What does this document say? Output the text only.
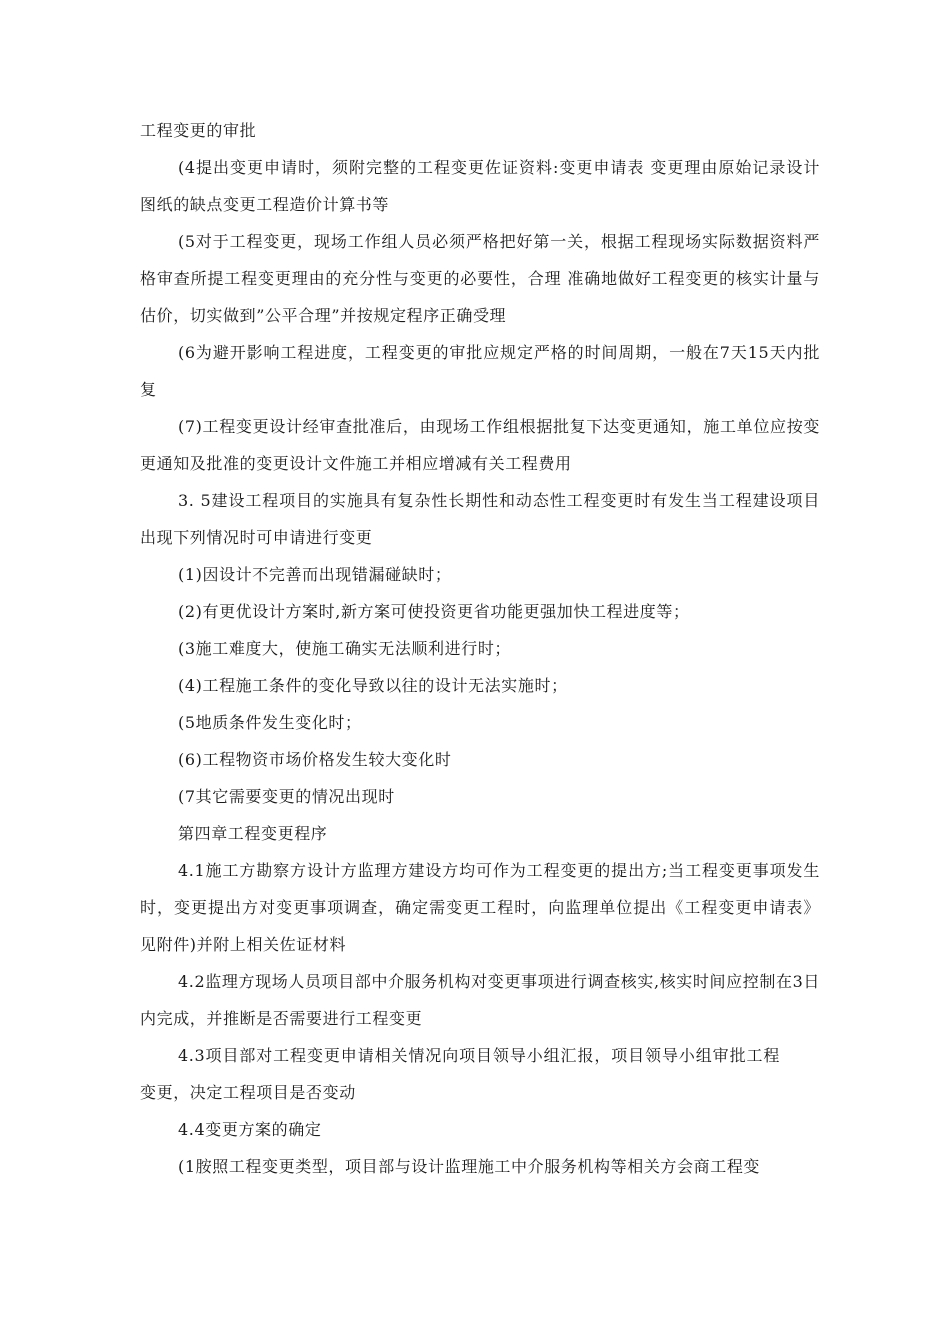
工程变更的审批

(4提出变更申请时，须附完整的工程变更佐证资料:变更申请表 变更理由原始记录设计图纸的缺点变更工程造价计算书等

(5对于工程变更，现场工作组人员必须严格把好第一关，根据工程现场实际数据资料严格审查所提工程变更理由的充分性与变更的必要性，合理 准确地做好工程变更的核实计量与估价，切实做到”公平合理”并按规定程序正确受理

(6为避开影响工程进度，工程变更的审批应规定严格的时间周期，一般在7天15天内批复

(7)工程变更设计经审查批准后，由现场工作组根据批复下达变更通知，施工单位应按变更通知及批准的变更设计文件施工并相应增减有关工程费用

3. 5建设工程项目的实施具有复杂性长期性和动态性工程变更时有发生当工程建设项目出现下列情况时可申请进行变更

(1)因设计不完善而出现错漏碰缺时；

(2)有更优设计方案时,新方案可使投资更省功能更强加快工程进度等；

(3施工难度大，使施工确实无法顺利进行时；

(4)工程施工条件的变化导致以往的设计无法实施时；

(5地质条件发生变化时；

(6)工程物资市场价格发生较大变化时

(7其它需要变更的情况出现时

第四章工程变更程序

4.1施工方勘察方设计方监理方建设方均可作为工程变更的提出方;当工程变更事项发生时，变更提出方对变更事项调查，确定需变更工程时，向监理单位提出《工程变更申请表》见附件)并附上相关佐证材料

4.2监理方现场人员项目部中介服务机构对变更事项进行调查核实,核实时间应控制在3日内完成，并推断是否需要进行工程变更

4.3项目部对工程变更申请相关情况向项目领导小组汇报，项目领导小组审批工程变更，决定工程项目是否变动

4.4变更方案的确定

(1胺照工程变更类型，项目部与设计监理施工中介服务机构等相关方会商工程变
